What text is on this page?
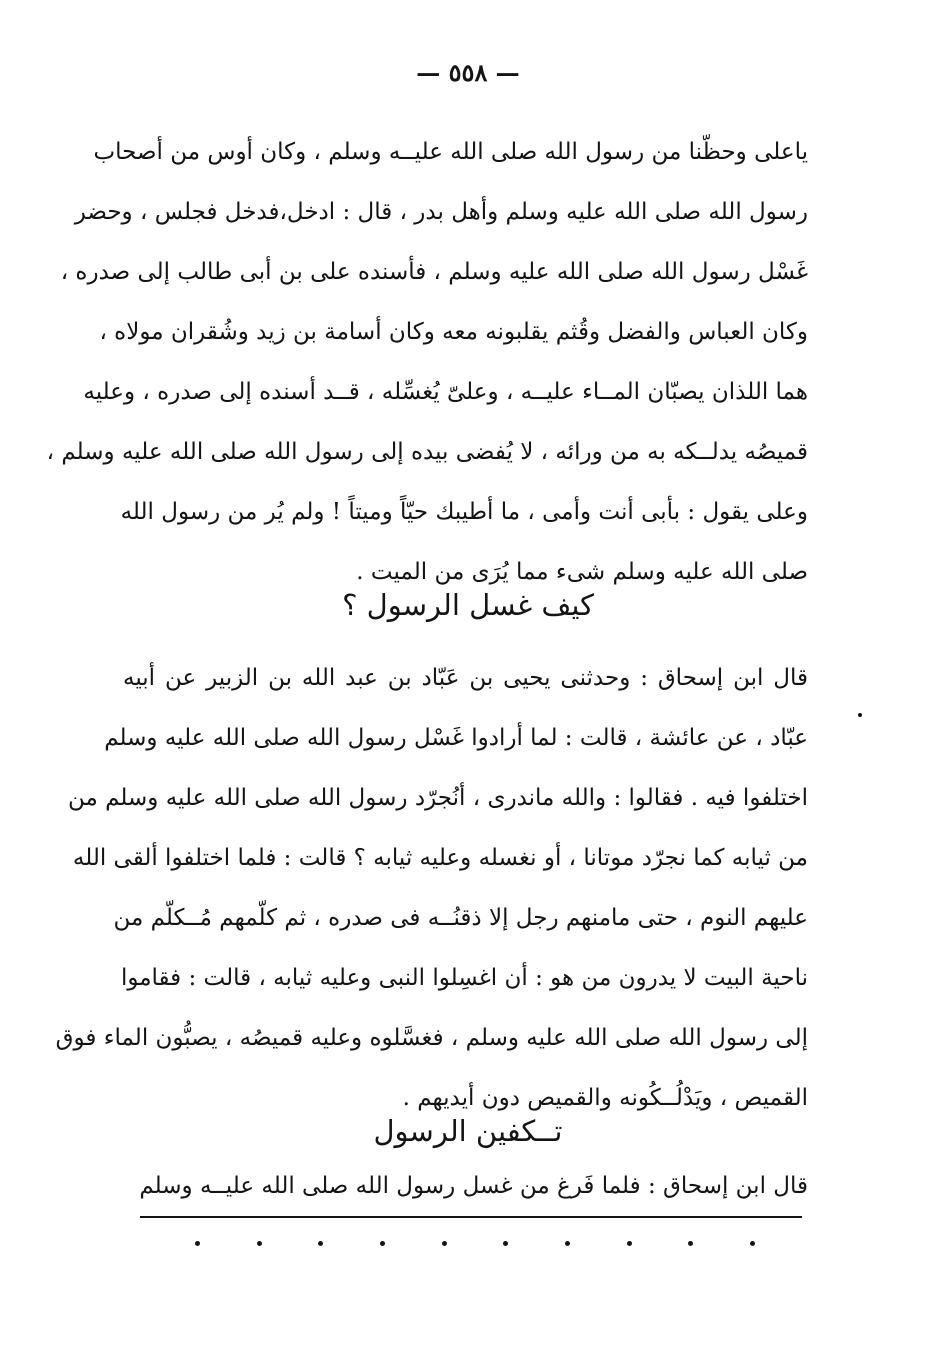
— ٥٥٨ —
ياعلى وحظّنا من رسول الله صلى الله عليــه وسلم ، وكان أوس من أصحاب
رسول الله صلى الله عليه وسلم وأهل بدر ، قال : ادخل،فدخل فجلس ، وحضر
غَسْل رسول الله صلى الله عليه وسلم ، فأسنده على بن أبى طالب إلى صدره ،
وكان العباس والفضل وقُثم يقلبونه معه وكان أسامة بن زيد وشُقران مولاه ،
هما اللذان يصبّان المــاء عليــه ، وعلىّ يُغسِّله ، قــد أسنده إلى صدره ، وعليه
قميصُه يدلــكه به من ورائه ، لا يُفضى بيده إلى رسول الله صلى الله عليه وسلم ،
وعلى يقول : بأبى أنت وأمى ، ما أطيبك حيّاً وميتاً ! ولم يُر من رسول الله
صلى الله عليه وسلم شىء مما يُرَى من الميت .
كيف غسل الرسول ؟
قال ابن إسحاق : وحدثنى يحيى بن عَبّاد بن عبد الله بن الزبير عن أبيه
عبّاد ، عن عائشة ، قالت : لما أرادوا غَسْل رسول الله صلى الله عليه وسلم
اختلفوا فيه . فقالوا : والله ماندرى ، أنُجرّد رسول الله صلى الله عليه وسلم من
من ثيابه كما نجرّد موتانا ، أو نغسله وعليه ثيابه ؟ قالت : فلما اختلفوا ألقى الله
عليهم النوم ، حتى مامنهم رجل إلا ذقنُــه فى صدره ، ثم كلّمهم مُــكلّم من
ناحية البيت لا يدرون من هو : أن اغسِلوا النبى وعليه ثيابه ، قالت : فقاموا
إلى رسول الله صلى الله عليه وسلم ، فغسَّلوه وعليه قميصُه ، يصبُّون الماء فوق
القميص ، ويَدْلُــكُونه والقميص دون أيديهم .
تــكفين الرسول
قال ابن إسحاق : فلما فَرغ من غسل رسول الله صلى الله عليــه وسلم
